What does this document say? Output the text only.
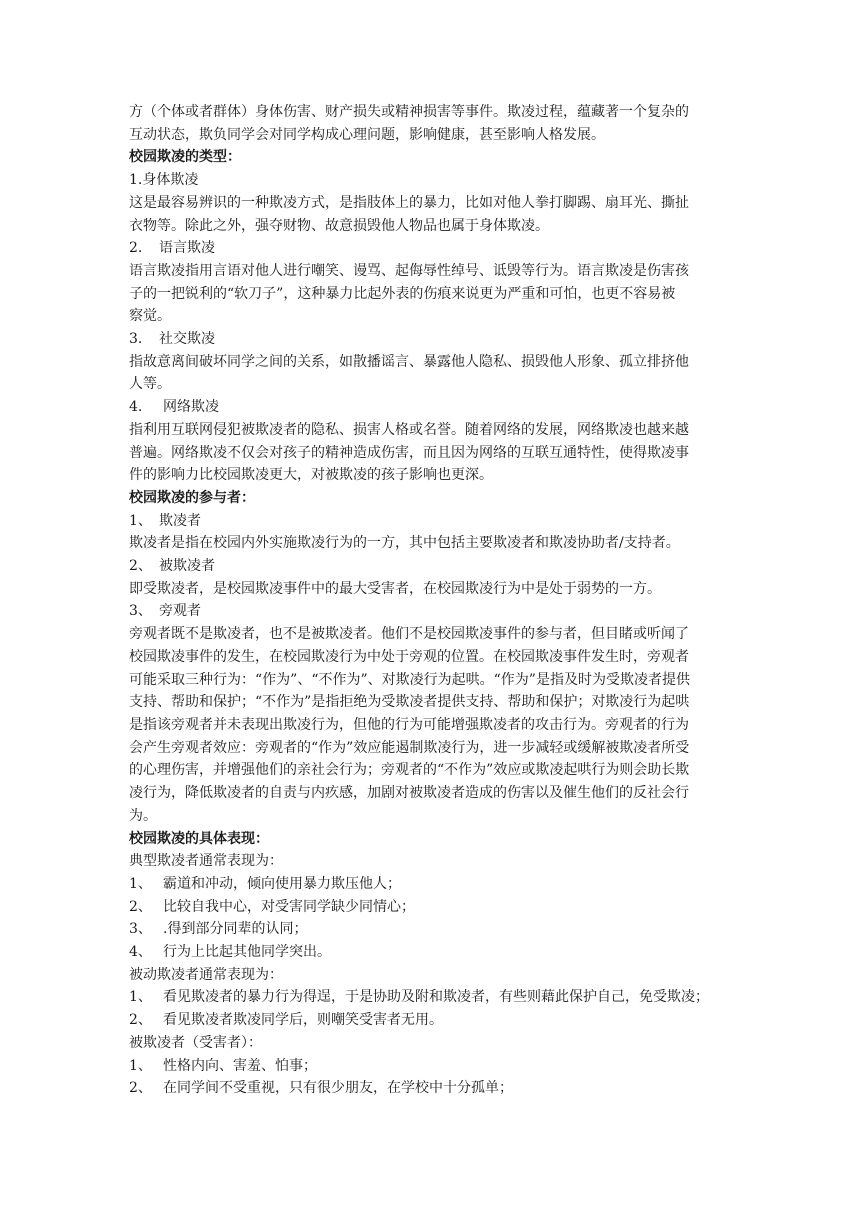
方（个体或者群体）身体伤害、财产损失或精神损害等事件。欺凌过程，蕴藏著一个复杂的
互动状态，欺负同学会对同学构成心理问题，影响健康，甚至影响人格发展。
校园欺凌的类型：
1.身体欺凌
这是最容易辨识的一种欺凌方式，是指肢体上的暴力，比如对他人拳打脚踢、扇耳光、撕扯
衣物等。除此之外，强夺财物、故意损毁他人物品也属于身体欺凌。
2. 语言欺凌
语言欺凌指用言语对他人进行嘲笑、谩骂、起侮辱性绰号、诋毁等行为。语言欺凌是伤害孩
子的一把锐利的“软刀子”，这种暴力比起外表的伤痕来说更为严重和可怕，也更不容易被
察觉。
3. 社交欺凌
指故意离间破坏同学之间的关系，如散播谣言、暴露他人隐私、损毁他人形象、孤立排挤他
人等。
4. 网络欺凌
指利用互联网侵犯被欺凌者的隐私、损害人格或名誉。随着网络的发展，网络欺凌也越来越
普遍。网络欺凌不仅会对孩子的精神造成伤害，而且因为网络的互联互通特性，使得欺凌事
件的影响力比校园欺凌更大，对被欺凌的孩子影响也更深。
校园欺凌的参与者：
1、 欺凌者
欺凌者是指在校园内外实施欺凌行为的一方，其中包括主要欺凌者和欺凌协助者/支持者。
2、 被欺凌者
即受欺凌者，是校园欺凌事件中的最大受害者，在校园欺凌行为中是处于弱势的一方。
3、 旁观者
旁观者既不是欺凌者，也不是被欺凌者。他们不是校园欺凌事件的参与者，但目睹或听闻了
校园欺凌事件的发生，在校园欺凌行为中处于旁观的位置。在校园欺凌事件发生时，旁观者
可能采取三种行为：“作为”、“不作为”、对欺凌行为起哄。“作为”是指及时为受欺凌者提供
支持、帮助和保护；“不作为”是指拒绝为受欺凌者提供支持、帮助和保护；对欺凌行为起哄
是指该旁观者并未表现出欺凌行为，但他的行为可能增强欺凌者的攻击行为。旁观者的行为
会产生旁观者效应：旁观者的“作为”效应能遏制欺凌行为，进一步减轻或缓解被欺凌者所受
的心理伤害，并增强他们的亲社会行为；旁观者的“不作为”效应或欺凌起哄行为则会助长欺
凌行为，降低欺凌者的自责与内疚感，加剧对被欺凌者造成的伤害以及催生他们的反社会行
为。
校园欺凌的具体表现：
典型欺凌者通常表现为：
1、 霸道和冲动，倾向使用暴力欺压他人；
2、 比较自我中心，对受害同学缺少同情心；
3、 .得到部分同辈的认同；
4、 行为上比起其他同学突出。
被动欺凌者通常表现为：
1、 看见欺凌者的暴力行为得逞，于是协助及附和欺凌者，有些则藉此保护自己，免受欺凌；
2、 看见欺凌者欺凌同学后，则嘲笑受害者无用。
被欺凌者（受害者）：
1、 性格内向、害羞、怕事；
2、 在同学间不受重视，只有很少朋友，在学校中十分孤单；
